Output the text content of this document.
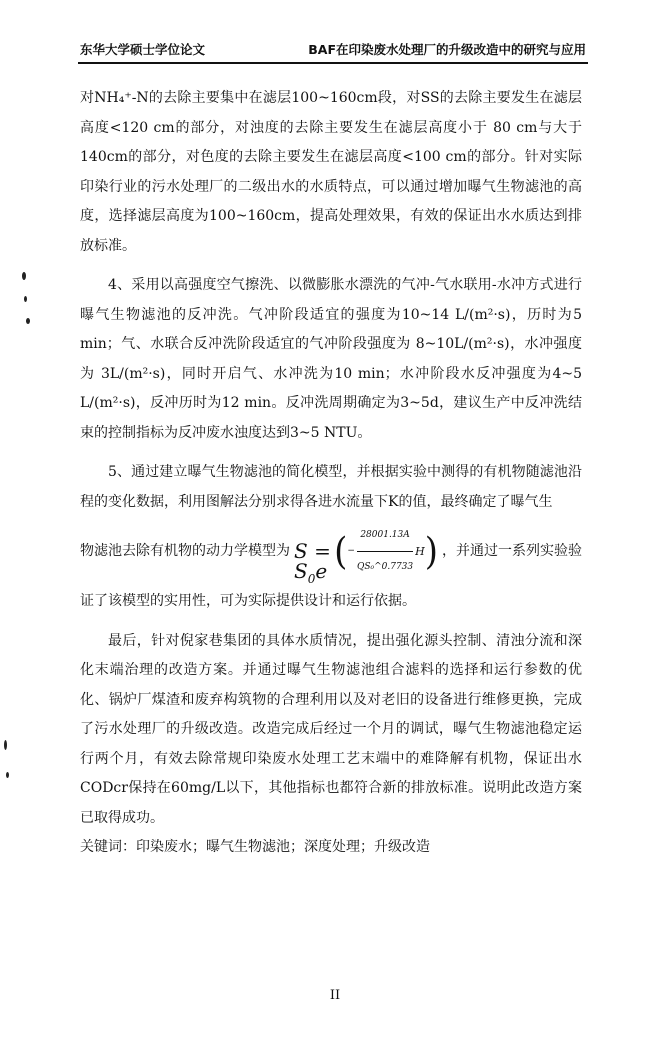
东华大学硕士学位论文	BAF在印染废水处理厂的升级改造中的研究与应用

对NH₄⁺-N的去除主要集中在滤层100~160cm段，对SS的去除主要发生在滤层高度<120 cm的部分，对浊度的去除主要发生在滤层高度小于 80 cm与大于140cm的部分，对色度的去除主要发生在滤层高度<100 cm的部分。针对实际印染行业的污水处理厂的二级出水的水质特点，可以通过增加曝气生物滤池的高度，选择滤层高度为100~160cm，提高处理效果，有效的保证出水水质达到排放标准。

4、采用以高强度空气擦洗、以微膨胀水漂洗的气冲-气水联用-水冲方式进行曝气生物滤池的反冲洗。气冲阶段适宜的强度为10~14 L/(m²·s)，历时为5 min；气、水联合反冲洗阶段适宜的气冲阶段强度为 8~10L/(m²·s)，水冲强度为 3L/(m²·s)，同时开启气、水冲洗为10 min；水冲阶段水反冲强度为4~5 L/(m²·s)，反冲历时为12 min。反冲洗周期确定为3~5d，建议生产中反冲洗结束的控制指标为反冲废水浊度达到3~5 NTU。

5、通过建立曝气生物滤池的简化模型，并根据实验中测得的有机物随滤池沿程的变化数据，利用图解法分别求得各进水流量下K的值，最终确定了曝气生

物滤池去除有机物的动力学模型为 $S = S_0e$ ( − $\frac{28001.13A}{\text{QS₀\textasciicircum{}0.7733}}$ H ) ，并通过一系列实验验

证了该模型的实用性，可为实际提供设计和运行依据。

最后，针对倪家巷集团的具体水质情况，提出强化源头控制、清浊分流和深化末端治理的改造方案。并通过曝气生物滤池组合滤料的选择和运行参数的优化、锅炉厂煤渣和废弃构筑物的合理利用以及对老旧的设备进行维修更换，完成了污水处理厂的升级改造。改造完成后经过一个月的调试，曝气生物滤池稳定运行两个月，有效去除常规印染废水处理工艺末端中的难降解有机物，保证出水CODcr保持在60mg/L以下，其他指标也都符合新的排放标准。说明此改造方案已取得成功。

关键词：印染废水；曝气生物滤池；深度处理；升级改造

II
